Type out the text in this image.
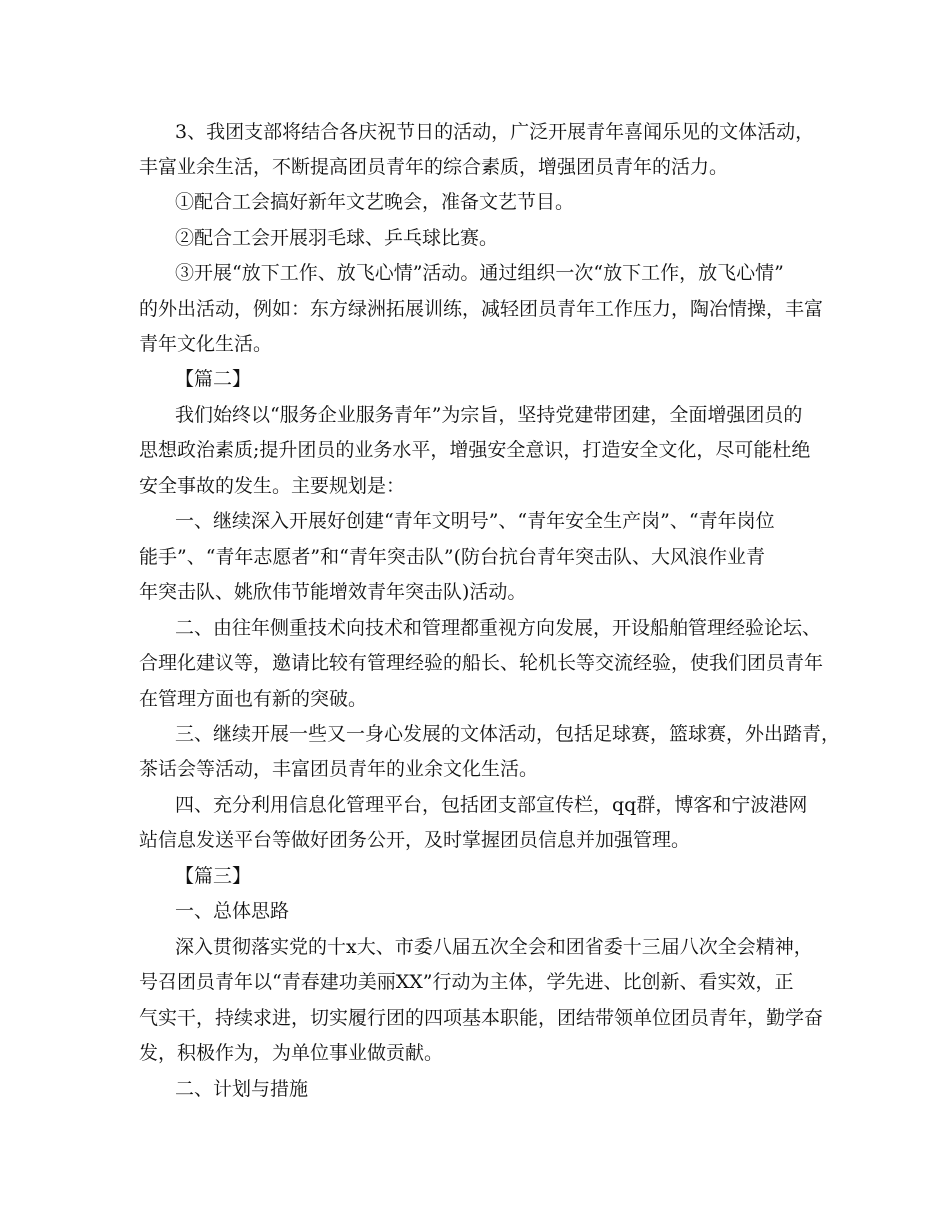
3、我团支部将结合各庆祝节日的活动，广泛开展青年喜闻乐见的文体活动，
丰富业余生活，不断提高团员青年的综合素质，增强团员青年的活力。
①配合工会搞好新年文艺晚会，准备文艺节目。
②配合工会开展羽毛球、乒乓球比赛。
③开展“放下工作、放飞心情”活动。通过组织一次“放下工作，放飞心情”
的外出活动，例如：东方绿洲拓展训练，减轻团员青年工作压力，陶冶情操，丰富
青年文化生活。
【篇二】
我们始终以“服务企业服务青年”为宗旨，坚持党建带团建，全面增强团员的
思想政治素质;提升团员的业务水平，增强安全意识，打造安全文化，尽可能杜绝
安全事故的发生。主要规划是：
一、继续深入开展好创建“青年文明号”、“青年安全生产岗”、“青年岗位
能手”、“青年志愿者”和“青年突击队”(防台抗台青年突击队、大风浪作业青
年突击队、姚欣伟节能增效青年突击队)活动。
二、由往年侧重技术向技术和管理都重视方向发展，开设船舶管理经验论坛、
合理化建议等，邀请比较有管理经验的船长、轮机长等交流经验，使我们团员青年
在管理方面也有新的突破。
三、继续开展一些又一身心发展的文体活动，包括足球赛，篮球赛，外出踏青，
茶话会等活动，丰富团员青年的业余文化生活。
四、充分利用信息化管理平台，包括团支部宣传栏，qq群，博客和宁波港网
站信息发送平台等做好团务公开，及时掌握团员信息并加强管理。
【篇三】
一、总体思路
深入贯彻落实党的十x大、市委八届五次全会和团省委十三届八次全会精神，
号召团员青年以“青春建功美丽XX”行动为主体，学先进、比创新、看实效，正
气实干，持续求进，切实履行团的四项基本职能，团结带领单位团员青年，勤学奋
发，积极作为，为单位事业做贡献。
二、计划与措施
